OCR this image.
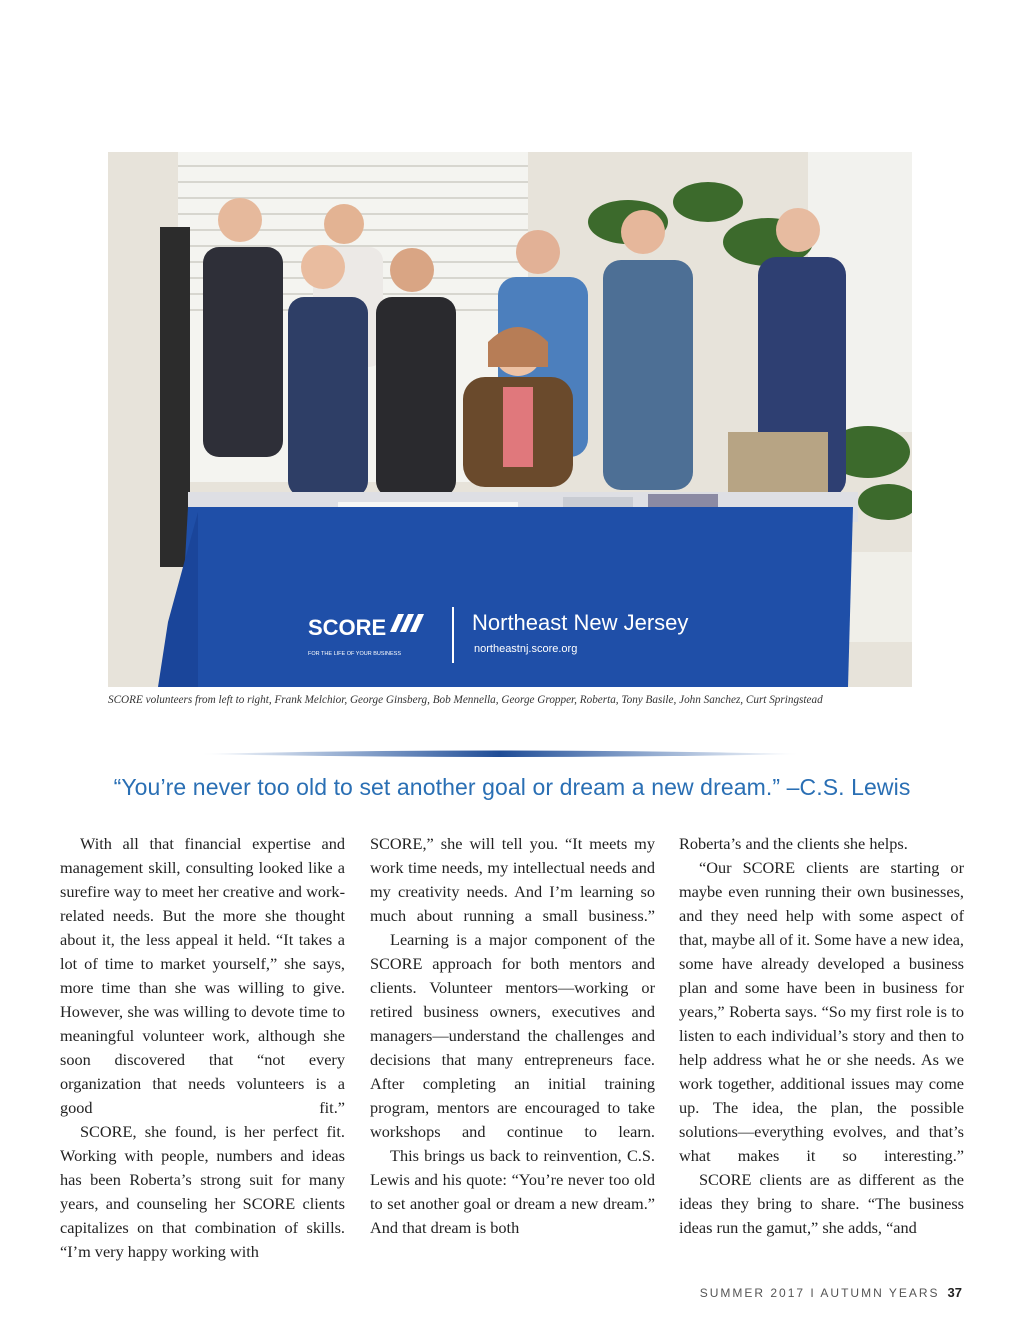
SCORE
FOR THE LIFE OF YOUR BUSINESS
Northeast New Jersey
northeastnj.score.org
SCORE volunteers from left to right, Frank Melchior, George Ginsberg, Bob Mennella, George Gropper, Roberta, Tony Basile, John Sanchez, Curt Springstead
“You’re never too old to set another goal or dream a new dream.” –C.S. Lewis

With all that financial expertise and management skill, consulting looked like a surefire way to meet her creative and work-related needs. But the more she thought about it, the less appeal it held. “It takes a lot of time to market yourself,” she says, more time than she was willing to give. However, she was willing to devote time to meaningful volunteer work, although she soon discovered that “not every organization that needs volunteers is a good fit.”

SCORE, she found, is her perfect fit. Working with people, numbers and ideas has been Roberta’s strong suit for many years, and counseling her SCORE clients capitalizes on that combination of skills. “I’m very happy working with

SCORE,” she will tell you. “It meets my work time needs, my intellectual needs and my creativity needs. And I’m learning so much about running a small business.”

Learning is a major component of the SCORE approach for both mentors and clients. Volunteer mentors—working or retired business owners, executives and managers—understand the challenges and decisions that many entrepreneurs face. After completing an initial training program, mentors are encouraged to take workshops and continue to learn.

This brings us back to reinvention, C.S. Lewis and his quote: “You’re never too old to set another goal or dream a new dream.” And that dream is both

Roberta’s and the clients she helps.

“Our SCORE clients are starting or maybe even running their own businesses, and they need help with some aspect of that, maybe all of it. Some have a new idea, some have already developed a business plan and some have been in business for years,” Roberta says. “So my first role is to listen to each individual’s story and then to help address what he or she needs. As we work together, additional issues may come up. The idea, the plan, the possible solutions—everything evolves, and that’s what makes it so interesting.”

SCORE clients are as different as the ideas they bring to share. “The business ideas run the gamut,” she adds, “and

SUMMER 2017 I AUTUMN YEARS 37
